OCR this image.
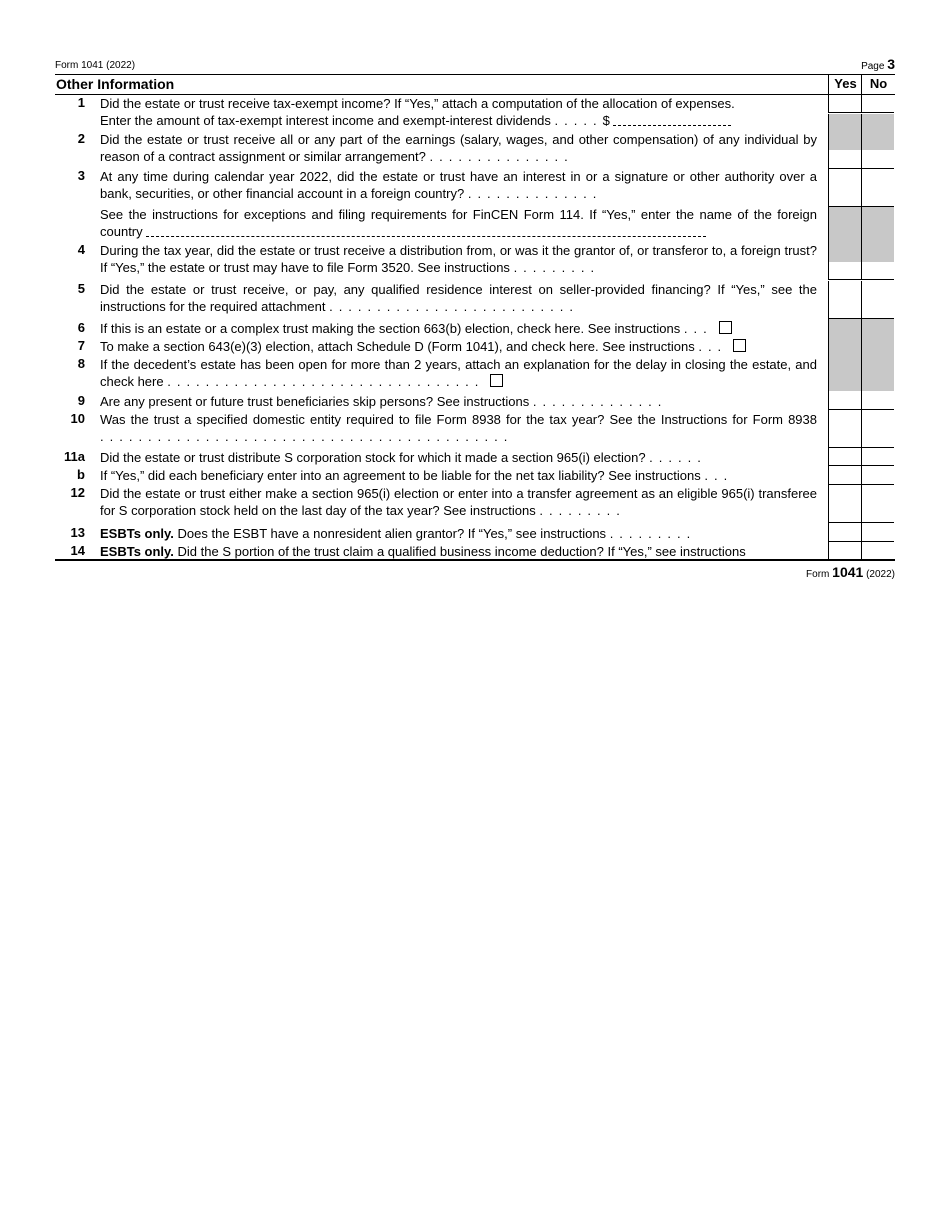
Form 1041 (2022)	Page 3
Other Information	Yes	No
1 Did the estate or trust receive tax-exempt income? If “Yes,” attach a computation of the allocation of expenses.
Enter the amount of tax-exempt interest income and exempt-interest dividends .....$
2 Did the estate or trust receive all or any part of the earnings (salary, wages, and other compensation) of any individual by reason of a contract assignment or similar arrangement? ...............
3 At any time during calendar year 2022, did the estate or trust have an interest in or a signature or other authority over a bank, securities, or other financial account in a foreign country? ..............
See the instructions for exceptions and filing requirements for FinCEN Form 114. If “Yes,” enter the name of the foreign country
4 During the tax year, did the estate or trust receive a distribution from, or was it the grantor of, or transferor to, a foreign trust? If “Yes,” the estate or trust may have to file Form 3520. See instructions .........
5 Did the estate or trust receive, or pay, any qualified residence interest on seller-provided financing? If “Yes,” see the instructions for the required attachment ..........................
6 If this is an estate or a complex trust making the section 663(b) election, check here. See instructions ...
7 To make a section 643(e)(3) election, attach Schedule D (Form 1041), and check here. See instructions ...
8 If the decedent’s estate has been open for more than 2 years, attach an explanation for the delay in closing the estate, and check here .................................
9 Are any present or future trust beneficiaries skip persons? See instructions ..............
10 Was the trust a specified domestic entity required to file Form 8938 for the tax year? See the Instructions for Form 8938 ...........................................
11a Did the estate or trust distribute S corporation stock for which it made a section 965(i) election? ......
b If “Yes,” did each beneficiary enter into an agreement to be liable for the net tax liability? See instructions ...
12 Did the estate or trust either make a section 965(i) election or enter into a transfer agreement as an eligible 965(i) transferee for S corporation stock held on the last day of the tax year? See instructions .........
13 ESBTs only. Does the ESBT have a nonresident alien grantor? If “Yes,” see instructions .........
14 ESBTs only. Did the S portion of the trust claim a qualified business income deduction? If “Yes,” see instructions
Form 1041 (2022)
